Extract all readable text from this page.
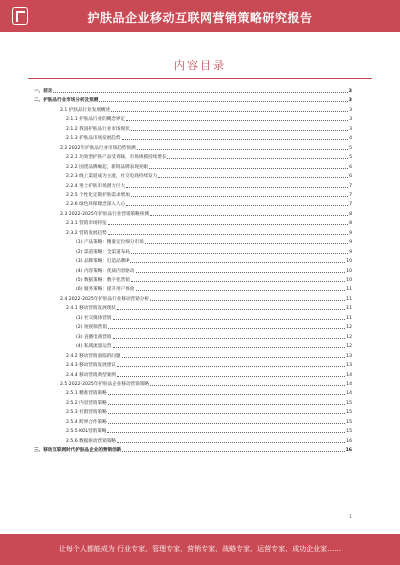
护肤品企业移动互联网营销策略研究报告
内容目录
一、前言	3
二、护肤品行业市场分析及预测	3
2.1 护肤品行业发展概述	3
2.1.1 护肤品行业的概念界定	3
2.1.2 我国护肤品行业市场现状	3
2.1.3 护肤品市场发展趋势	4
2.2 2022年护肤品行业市场趋势预测	5
2.2.1 功效型护肤产品受青睐，市场规模持续增长	5
2.2.2 国货品牌崛起，新锐品牌表现亮眼	6
2.2.3 线上渠道成为主流，社交电商持续发力	6
2.2.4 男士护肤市场潜力巨大	7
2.2.5 个性化定制护肤需求增加	7
2.2.6 绿色环保理念深入人心	7
2.3 2022-2025年护肤品行业营销策略预测	8
2.3.1 营销市场特征	8
2.3.2 营销发展趋势	9
(1) 产品策略：精准定位细分市场	9
(2) 渠道策略：全渠道布局	9
(3) 品牌策略：打造品牌IP	10
(4) 内容策略：优质内容驱动	10
(5) 数据策略：数字化营销	10
(6) 服务策略：提升用户体验	11
2.4 2022-2025年护肤品行业移动营销分析	11
2.4.1 移动营销发展现状	11
(1) 社交媒体营销	11
(2) 短视频营销	12
(3) 直播电商营销	12
(4) 私域流量运营	12
2.4.2 移动营销面临的问题	13
2.4.3 移动营销发展建议	13
2.4.4 移动营销典型案例	14
2.5 2022-2025年护肤品企业移动营销策略	14
2.5.1 精准营销策略	14
2.5.2 内容营销策略	15
2.5.3 社群营销策略	15
2.5.4 跨界合作策略	15
2.5.5 KOL营销策略	15
2.5.6 数据驱动营销策略	16
三、移动互联网时代护肤品企业的营销创新	16
1
让每个人都能成为 行业专家、管理专家、营销专家、战略专家、运营专家、成功企业家……
